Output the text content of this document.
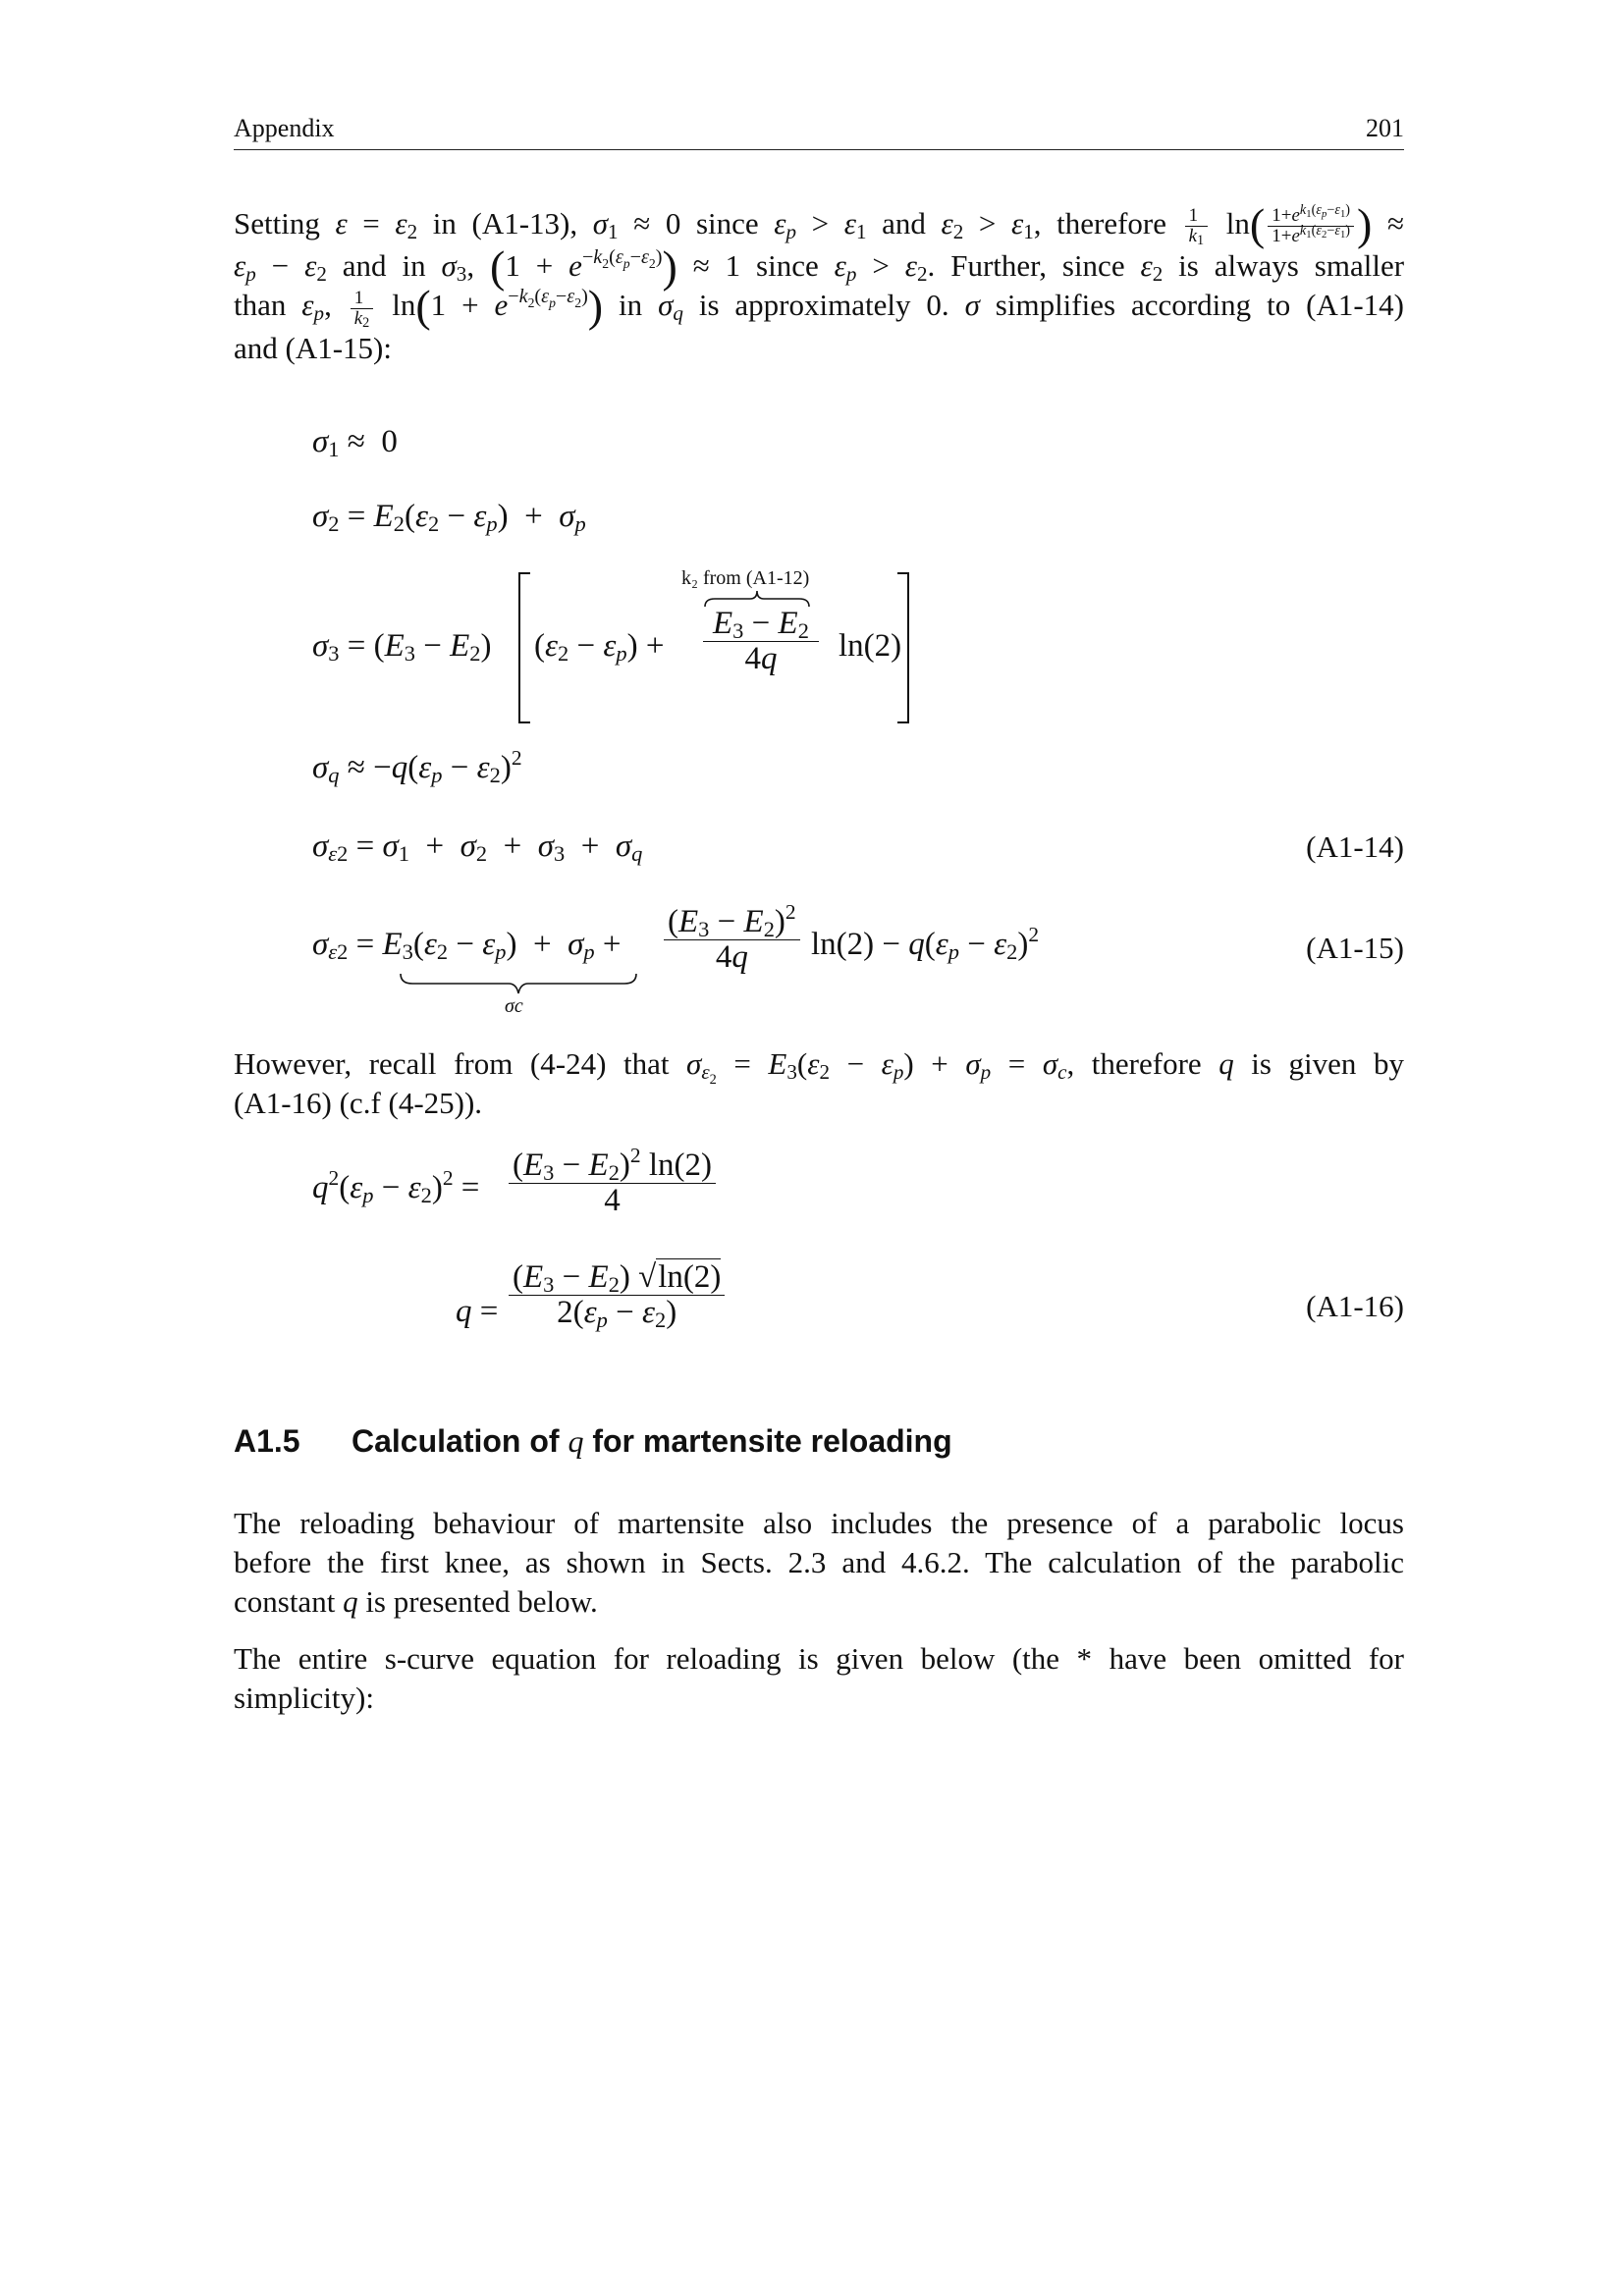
Appendix	201
Setting $\varepsilon = \varepsilon_2$ in (A1-13), $\sigma_1 \approx 0$ since $\varepsilon_p > \varepsilon_1$ and $\varepsilon_2 > \varepsilon_1$, therefore $\frac{1}{k_1} \ln( \frac{1+e^{k_1(\varepsilon_p-\varepsilon_1)}}{1+e^{k_1(\varepsilon_2-\varepsilon_1)}}$ ) ≈
$\varepsilon_p - \varepsilon_2$ and in $\sigma_3$, $(1 + e^{-k_2(\varepsilon_p-\varepsilon_2)}) \approx 1$ since $\varepsilon_p > \varepsilon_2$. Further, since $\varepsilon_2$ is always smaller
than $\varepsilon_p$, $\frac{1}{k_2} \ln(1 + e^{-k_2(\varepsilon_p-\varepsilon_2)})$ in $\sigma_q$ is approximately 0. σ simplifies according to (A1-14)
and (A1-15):
$\sigma_1 \approx 0$
$\sigma_2 = E_2(\varepsilon_2 - \varepsilon_p) + \sigma_p$
$\sigma_3 = (E_3 - E_2) (\varepsilon_2 - \varepsilon_p)$ +
k₂ from (A1-12)
$\frac{E_3 - E_2}{4q} \ln(2)$
$\sigma_q \approx -q(\varepsilon_p - \varepsilon_2)^2$
$\sigma_{\varepsilon 2} = \sigma_1 + \sigma_2 + \sigma_3 + \sigma_q$	(A1-14)
$\sigma_{\varepsilon 2} = E_3(\varepsilon_2 - \varepsilon_p) + \sigma_p + \frac{(E_3 - E_2)^2}{4q} \ln(2) - q(\varepsilon_p - \varepsilon_2)^2$	(A1-15)
σc
However, recall from (4-24) that $\sigma_{\varepsilon_2} = E_3(\varepsilon_2 - \varepsilon_p) + \sigma_p = \sigma_c$, therefore q is given by
(A1-16) (c.f (4-25)).
$q^2(\varepsilon_p - \varepsilon_2)^2 = \frac{(E_3 - E_2)^2 \ln(2)}{4}$
$q = \frac{(E_3 - E_2) √\ln(2)}{2(\varepsilon_p - \varepsilon_2)}$	(A1-16)
A1.5 Calculation of q for martensite reloading
The reloading behaviour of martensite also includes the presence of a parabolic locus
before the first knee, as shown in Sects. 2.3 and 4.6.2. The calculation of the parabolic
constant q is presented below.
The entire s-curve equation for reloading is given below (the * have been omitted for
simplicity):
